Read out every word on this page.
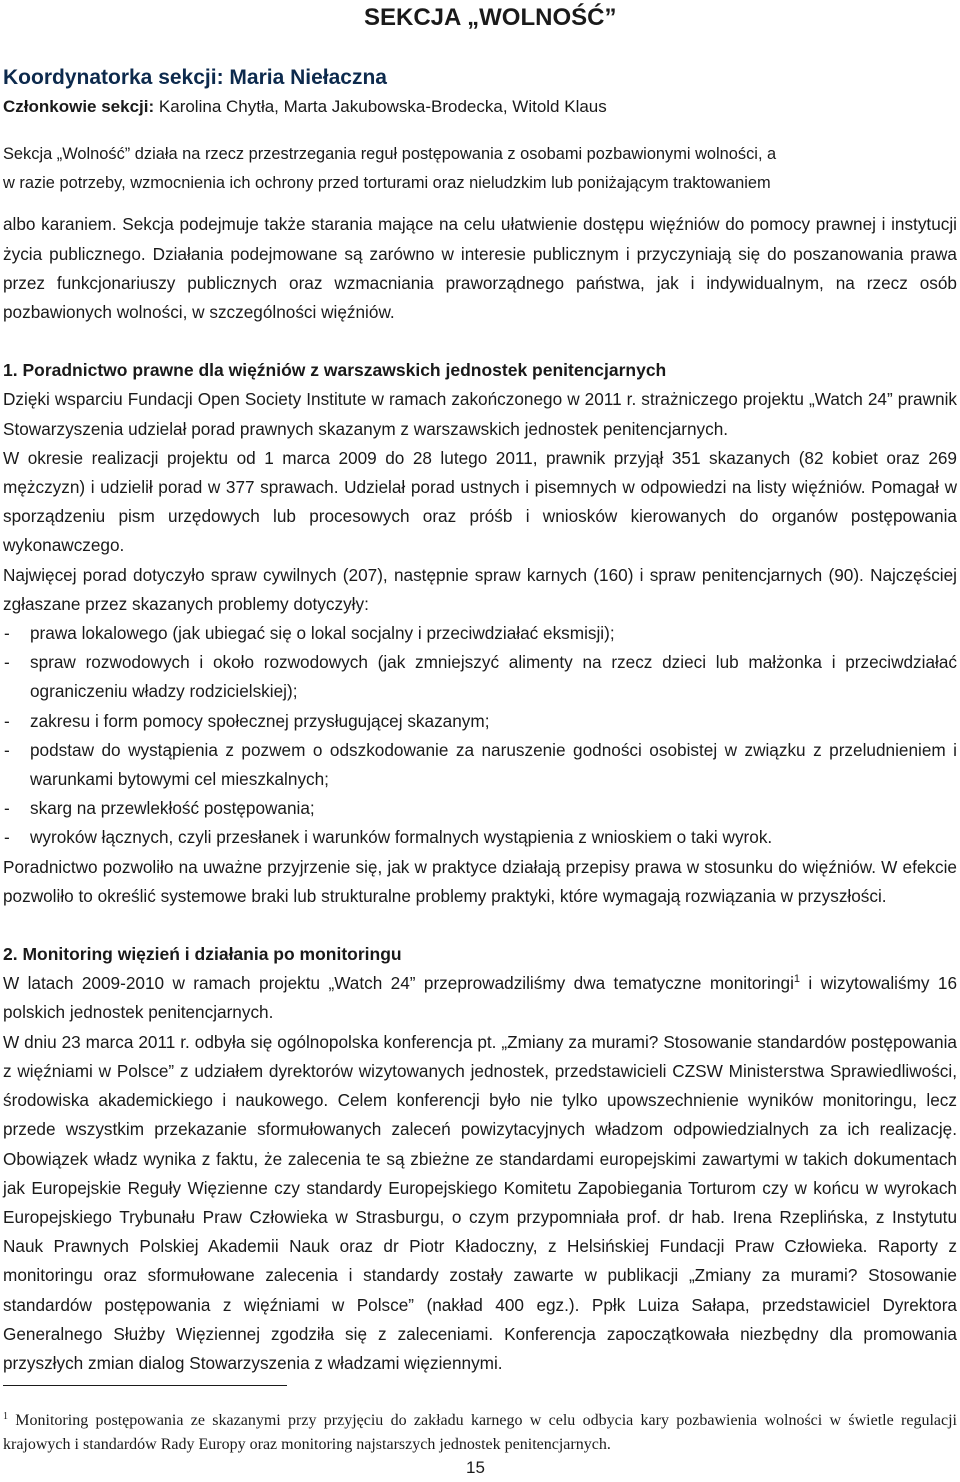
SEKCJA „WOLNOŚĆ”

Koordynatorka sekcji: Maria Niełaczna

Członkowie sekcji: Karolina Chytła, Marta Jakubowska-Brodecka, Witold Klaus

Sekcja „Wolność” działa na rzecz przestrzegania reguł postępowania z osobami pozbawionymi wolności, a
w razie potrzeby, wzmocnienia ich ochrony przed torturami oraz nieludzkim lub poniżającym traktowaniem

albo karaniem. Sekcja podejmuje także starania mające na celu ułatwienie dostępu więźniów do pomocy prawnej i instytucji życia publicznego. Działania podejmowane są zarówno w interesie publicznym i przyczyniają się do poszanowania prawa przez funkcjonariuszy publicznych oraz wzmacniania praworządnego państwa, jak i indywidualnym, na rzecz osób pozbawionych wolności, w szczególności więźniów.

1. Poradnictwo prawne dla więźniów z warszawskich jednostek penitencjarnych

Dzięki wsparciu Fundacji Open Society Institute w ramach zakończonego w 2011 r. strażniczego projektu „Watch 24” prawnik Stowarzyszenia udzielał porad prawnych skazanym z warszawskich jednostek penitencjarnych.

W okresie realizacji projektu od 1 marca 2009 do 28 lutego 2011, prawnik przyjął 351 skazanych (82 kobiet oraz 269 mężczyzn) i udzielił porad w 377 sprawach. Udzielał porad ustnych i pisemnych w odpowiedzi na listy więźniów. Pomagał w sporządzeniu pism urzędowych lub procesowych oraz próśb i wniosków kierowanych do organów postępowania wykonawczego.

Najwięcej porad dotyczyło spraw cywilnych (207), następnie spraw karnych (160) i spraw penitencjarnych (90). Najczęściej zgłaszane przez skazanych problemy dotyczyły:

- prawa lokalowego (jak ubiegać się o lokal socjalny i przeciwdziałać eksmisji);
- spraw rozwodowych i około rozwodowych (jak zmniejszyć alimenty na rzecz dzieci lub małżonka i przeciwdziałać ograniczeniu władzy rodzicielskiej);
- zakresu i form pomocy społecznej przysługującej skazanym;
- podstaw do wystąpienia z pozwem o odszkodowanie za naruszenie godności osobistej w związku z przeludnieniem i warunkami bytowymi cel mieszkalnych;
- skarg na przewlekłość postępowania;
- wyroków łącznych, czyli przesłanek i warunków formalnych wystąpienia z wnioskiem o taki wyrok.

Poradnictwo pozwoliło na uważne przyjrzenie się, jak w praktyce działają przepisy prawa w stosunku do więźniów. W efekcie pozwoliło to określić systemowe braki lub strukturalne problemy praktyki, które wymagają rozwiązania w przyszłości.

2. Monitoring więzień i działania po monitoringu

W latach 2009-2010 w ramach projektu „Watch 24” przeprowadziliśmy dwa tematyczne monitoringi$^1$ i wizytowaliśmy 16 polskich jednostek penitencjarnych.

W dniu 23 marca 2011 r. odbyła się ogólnopolska konferencja pt. „Zmiany za murami? Stosowanie standardów postępowania z więźniami w Polsce” z udziałem dyrektorów wizytowanych jednostek, przedstawicieli CZSW Ministerstwa Sprawiedliwości, środowiska akademickiego i naukowego. Celem konferencji było nie tylko upowszechnienie wyników monitoringu, lecz przede wszystkim przekazanie sformułowanych zaleceń powizytacyjnych władzom odpowiedzialnych za ich realizację. Obowiązek władz wynika z faktu, że zalecenia te są zbieżne ze standardami europejskimi zawartymi w takich dokumentach jak Europejskie Reguły Więzienne czy standardy Europejskiego Komitetu Zapobiegania Torturom czy w końcu w wyrokach Europejskiego Trybunału Praw Człowieka w Strasburgu, o czym przypomniała prof. dr hab. Irena Rzeplińska, z Instytutu Nauk Prawnych Polskiej Akademii Nauk oraz dr Piotr Kładoczny, z Helsińskiej Fundacji Praw Człowieka. Raporty z monitoringu oraz sformułowane zalecenia i standardy zostały zawarte w publikacji „Zmiany za murami? Stosowanie standardów postępowania z więźniami w Polsce” (nakład 400 egz.). Ppłk Luiza Sałapa, przedstawiciel Dyrektora Generalnego Służby Więziennej zgodziła się z zaleceniami. Konferencja zapoczątkowała niezbędny dla promowania przyszłych zmian dialog Stowarzyszenia z władzami więziennymi.

$^1$ Monitoring postępowania ze skazanymi przy przyjęciu do zakładu karnego w celu odbycia kary pozbawienia wolności w świetle regulacji krajowych i standardów Rady Europy oraz monitoring najstarszych jednostek penitencjarnych.

15
